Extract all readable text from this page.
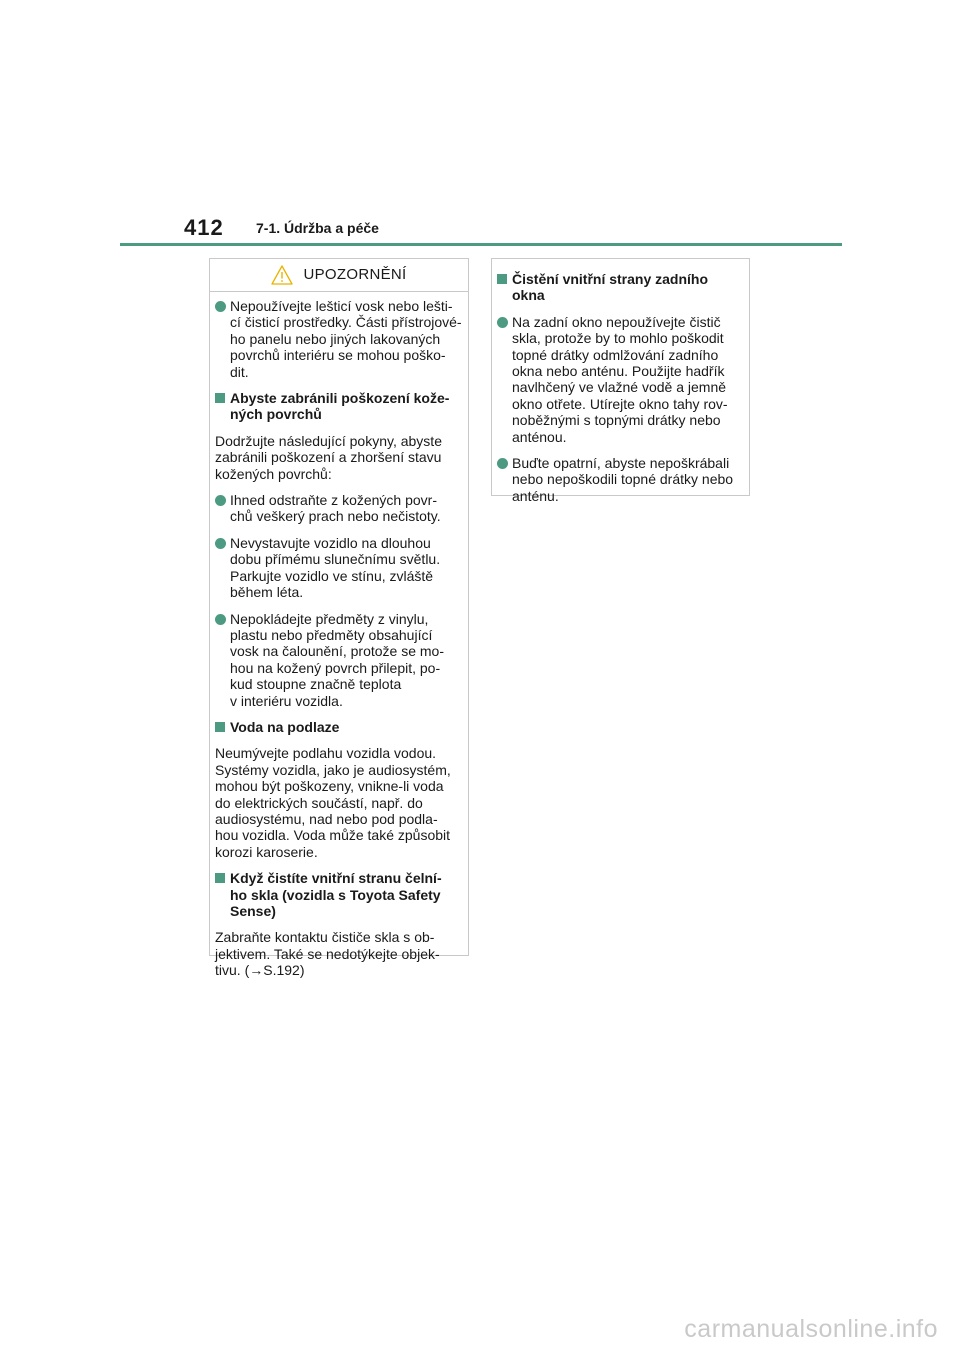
412 7-1. Údržba a péče
UPOZORNĚNÍ
Nepoužívejte lešticí vosk nebo lešti-
cí čisticí prostředky. Části přístrojové-
ho panelu nebo jiných lakovaných
povrchů interiéru se mohou poško-
dit.
Abyste zabránili poškození kože-
ných povrchů
Dodržujte následující pokyny, abyste
zabránili poškození a zhoršení stavu
kožených povrchů:
Ihned odstraňte z kožených povr-
chů veškerý prach nebo nečistoty.
Nevystavujte vozidlo na dlouhou
dobu přímému slunečnímu světlu.
Parkujte vozidlo ve stínu, zvláště
během léta.
Nepokládejte předměty z vinylu,
plastu nebo předměty obsahující
vosk na čalounění, protože se mo-
hou na kožený povrch přilepit, po-
kud stoupne značně teplota
v interiéru vozidla.
Voda na podlaze
Neumývejte podlahu vozidla vodou.
Systémy vozidla, jako je audiosystém,
mohou být poškozeny, vnikne-li voda
do elektrických součástí, např. do
audiosystému, nad nebo pod podla-
hou vozidla. Voda může také způsobit
korozi karoserie.
Když čistíte vnitřní stranu čelní-
ho skla (vozidla s Toyota Safety
Sense)
Zabraňte kontaktu čističe skla s ob-
jektivem. Také se nedotýkejte objek-
tivu. (→S.192)
Čistění vnitřní strany zadního
okna
Na zadní okno nepoužívejte čistič
skla, protože by to mohlo poškodit
topné drátky odmlžování zadního
okna nebo anténu. Použijte hadřík
navlhčený ve vlažné vodě a jemně
okno otřete. Utírejte okno tahy rov-
noběžnými s topnými drátky nebo
anténou.
Buďte opatrní, abyste nepoškrábali
nebo nepoškodili topné drátky nebo
anténu.
carmanualsonline.info
